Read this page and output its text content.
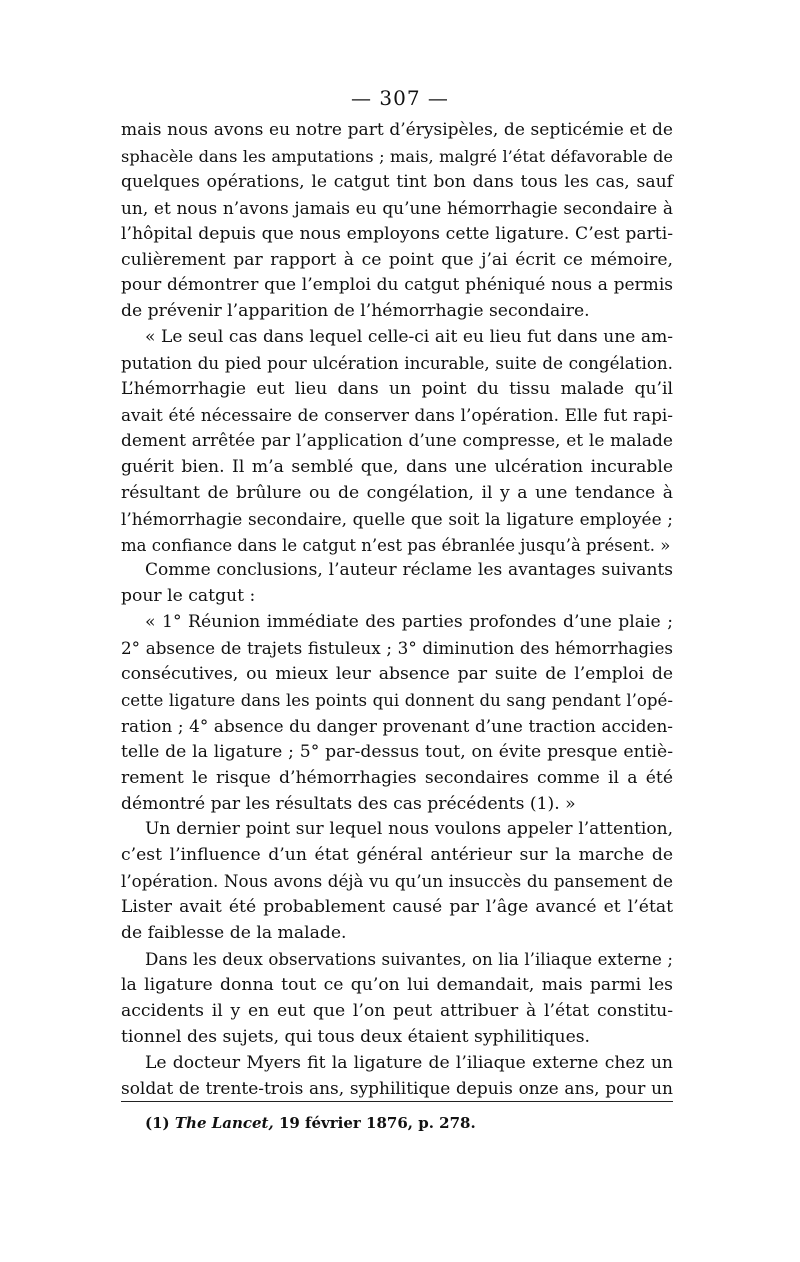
— 307 —
mais nous avons eu notre part d’érysipèles, de septicémie et de
sphacèle dans les amputations ; mais, malgré l’état défavorable de
quelques opérations, le catgut tint bon dans tous les cas, sauf
un, et nous n’avons jamais eu qu’une hémorrhagie secondaire à
l’hôpital depuis que nous employons cette ligature. C’est parti-
culièrement par rapport à ce point que j’ai écrit ce mémoire,
pour démontrer que l’emploi du catgut phéniqué nous a permis
de prévenir l’apparition de l’hémorrhagie secondaire.
« Le seul cas dans lequel celle-ci ait eu lieu fut dans une am-
putation du pied pour ulcération incurable, suite de congélation.
L’hémorrhagie eut lieu dans un point du tissu malade qu’il
avait été nécessaire de conserver dans l’opération. Elle fut rapi-
dement arrêtée par l’application d’une compresse, et le malade
guérit bien. Il m’a semblé que, dans une ulcération incurable
résultant de brûlure ou de congélation, il y a une tendance à
l’hémorrhagie secondaire, quelle que soit la ligature employée ;
ma confiance dans le catgut n’est pas ébranlée jusqu’à présent. »
Comme conclusions, l’auteur réclame les avantages suivants
pour le catgut :
« 1° Réunion immédiate des parties profondes d’une plaie ;
2° absence de trajets fistuleux ; 3° diminution des hémorrhagies
consécutives, ou mieux leur absence par suite de l’emploi de
cette ligature dans les points qui donnent du sang pendant l’opé-
ration ; 4° absence du danger provenant d’une traction acciden-
telle de la ligature ; 5° par-dessus tout, on évite presque entiè-
rement le risque d’hémorrhagies secondaires comme il a été
démontré par les résultats des cas précédents (1). »
Un dernier point sur lequel nous voulons appeler l’attention,
c’est l’influence d’un état général antérieur sur la marche de
l’opération. Nous avons déjà vu qu’un insuccès du pansement de
Lister avait été probablement causé par l’âge avancé et l’état
de faiblesse de la malade.
Dans les deux observations suivantes, on lia l’iliaque externe ;
la ligature donna tout ce qu’on lui demandait, mais parmi les
accidents il y en eut que l’on peut attribuer à l’état constitu-
tionnel des sujets, qui tous deux étaient syphilitiques.
Le docteur Myers fit la ligature de l’iliaque externe chez un
soldat de trente-trois ans, syphilitique depuis onze ans, pour un
(1) The Lancet, 19 février 1876, p. 278.
